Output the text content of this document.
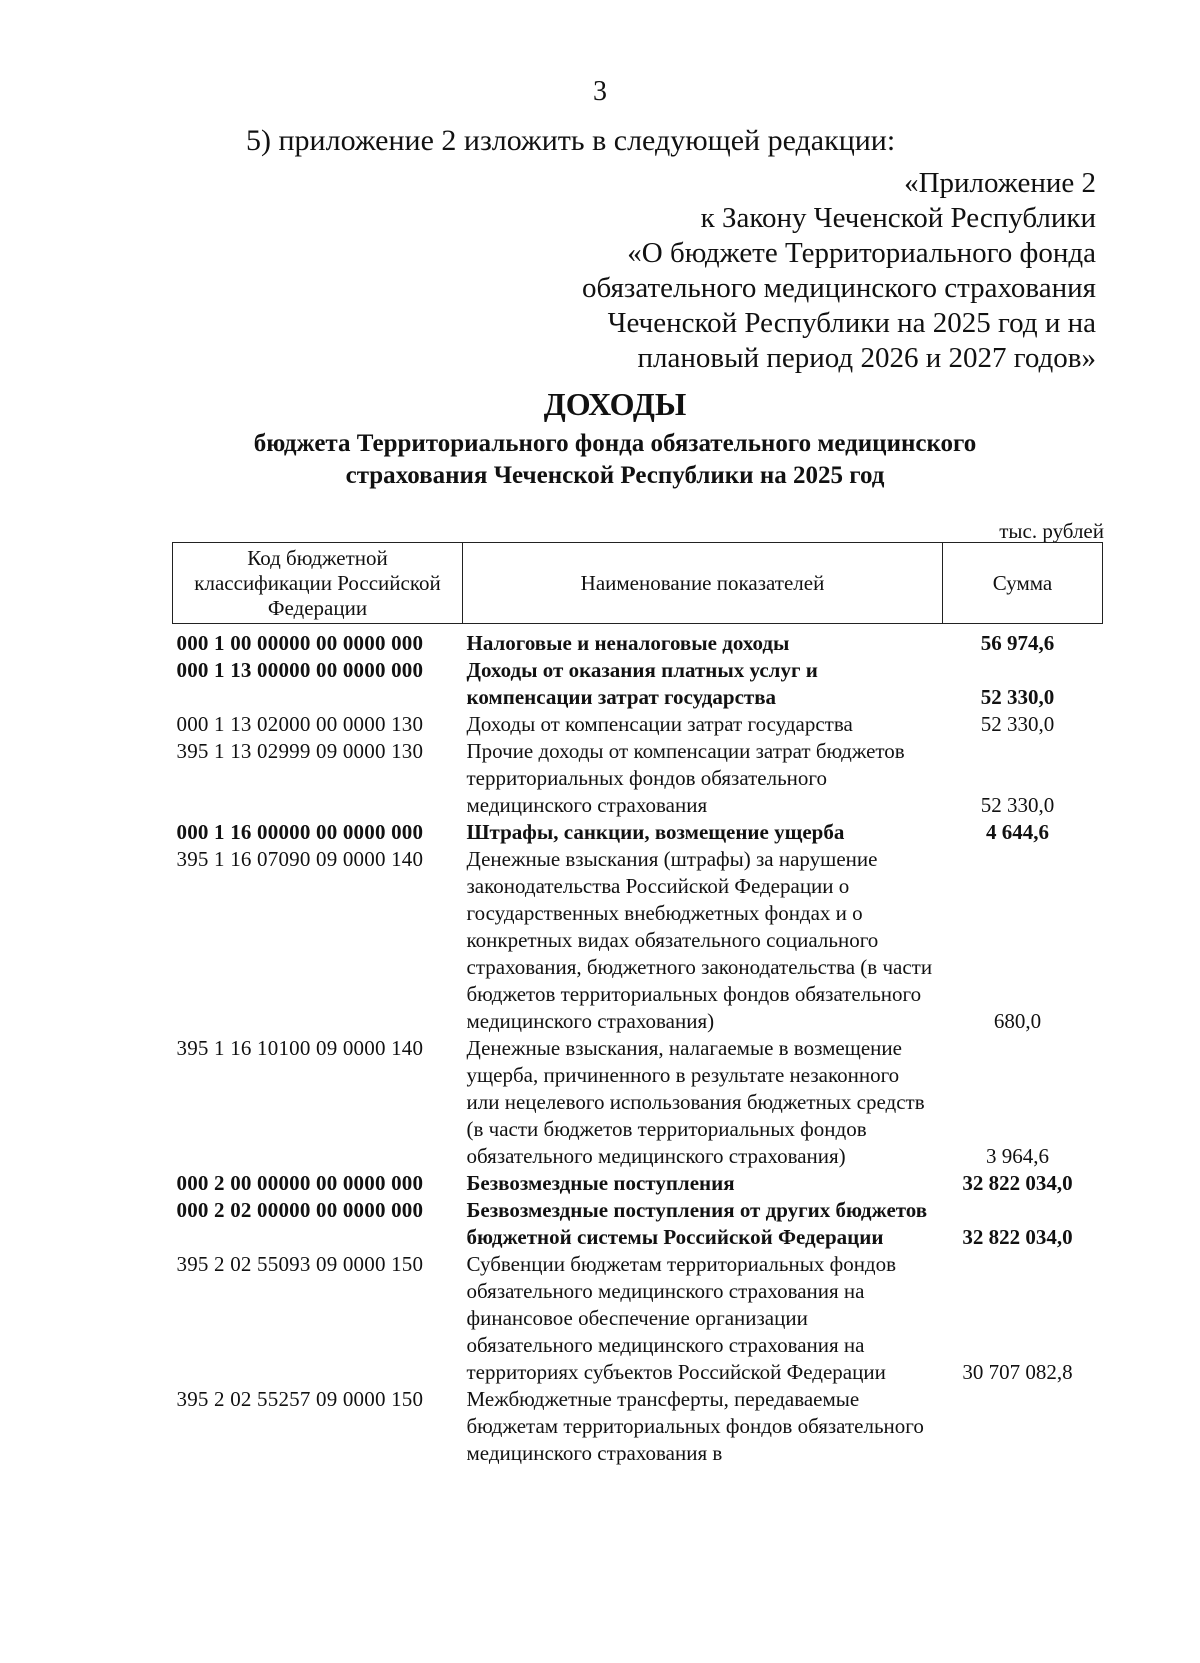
3
5) приложение 2 изложить в следующей редакции:
«Приложение 2
к Закону Чеченской Республики
«О бюджете Территориального фонда
обязательного медицинского страхования
Чеченской Республики на 2025 год и на
плановый период 2026 и 2027 годов»
ДОХОДЫ
бюджета Территориального фонда обязательного медицинского
страхования Чеченской Республики на 2025 год
тыс. рублей
Код бюджетной классификации Российской Федерации	Наименование показателей	Сумма
000 1 00 00000 00 0000 000	Налоговые и неналоговые доходы	56 974,6
000 1 13 00000 00 0000 000	Доходы от оказания платных услуг и компенсации затрат государства	52 330,0
000 1 13 02000 00 0000 130	Доходы от компенсации затрат государства	52 330,0
395 1 13 02999 09 0000 130	Прочие доходы от компенсации затрат бюджетов территориальных фондов обязательного медицинского страхования	52 330,0
000 1 16 00000 00 0000 000	Штрафы, санкции, возмещение ущерба	4 644,6
395 1 16 07090 09 0000 140	Денежные взыскания (штрафы) за нарушение законодательства Российской Федерации о государственных внебюджетных фондах и о конкретных видах обязательного социального страхования, бюджетного законодательства (в части бюджетов территориальных фондов обязательного медицинского страхования)	680,0
395 1 16 10100 09 0000 140	Денежные взыскания, налагаемые в возмещение ущерба, причиненного в результате незаконного или нецелевого использования бюджетных средств (в части бюджетов территориальных фондов обязательного медицинского страхования)	3 964,6
000 2 00 00000 00 0000 000	Безвозмездные поступления	32 822 034,0
000 2 02 00000 00 0000 000	Безвозмездные поступления от других бюджетов бюджетной системы Российской Федерации	32 822 034,0
395 2 02 55093 09 0000 150	Субвенции бюджетам территориальных фондов обязательного медицинского страхования на финансовое обеспечение организации обязательного медицинского страхования на территориях субъектов Российской Федерации	30 707 082,8
395 2 02 55257 09 0000 150	Межбюджетные трансферты, передаваемые бюджетам территориальных фондов обязательного медицинского страхования в	
